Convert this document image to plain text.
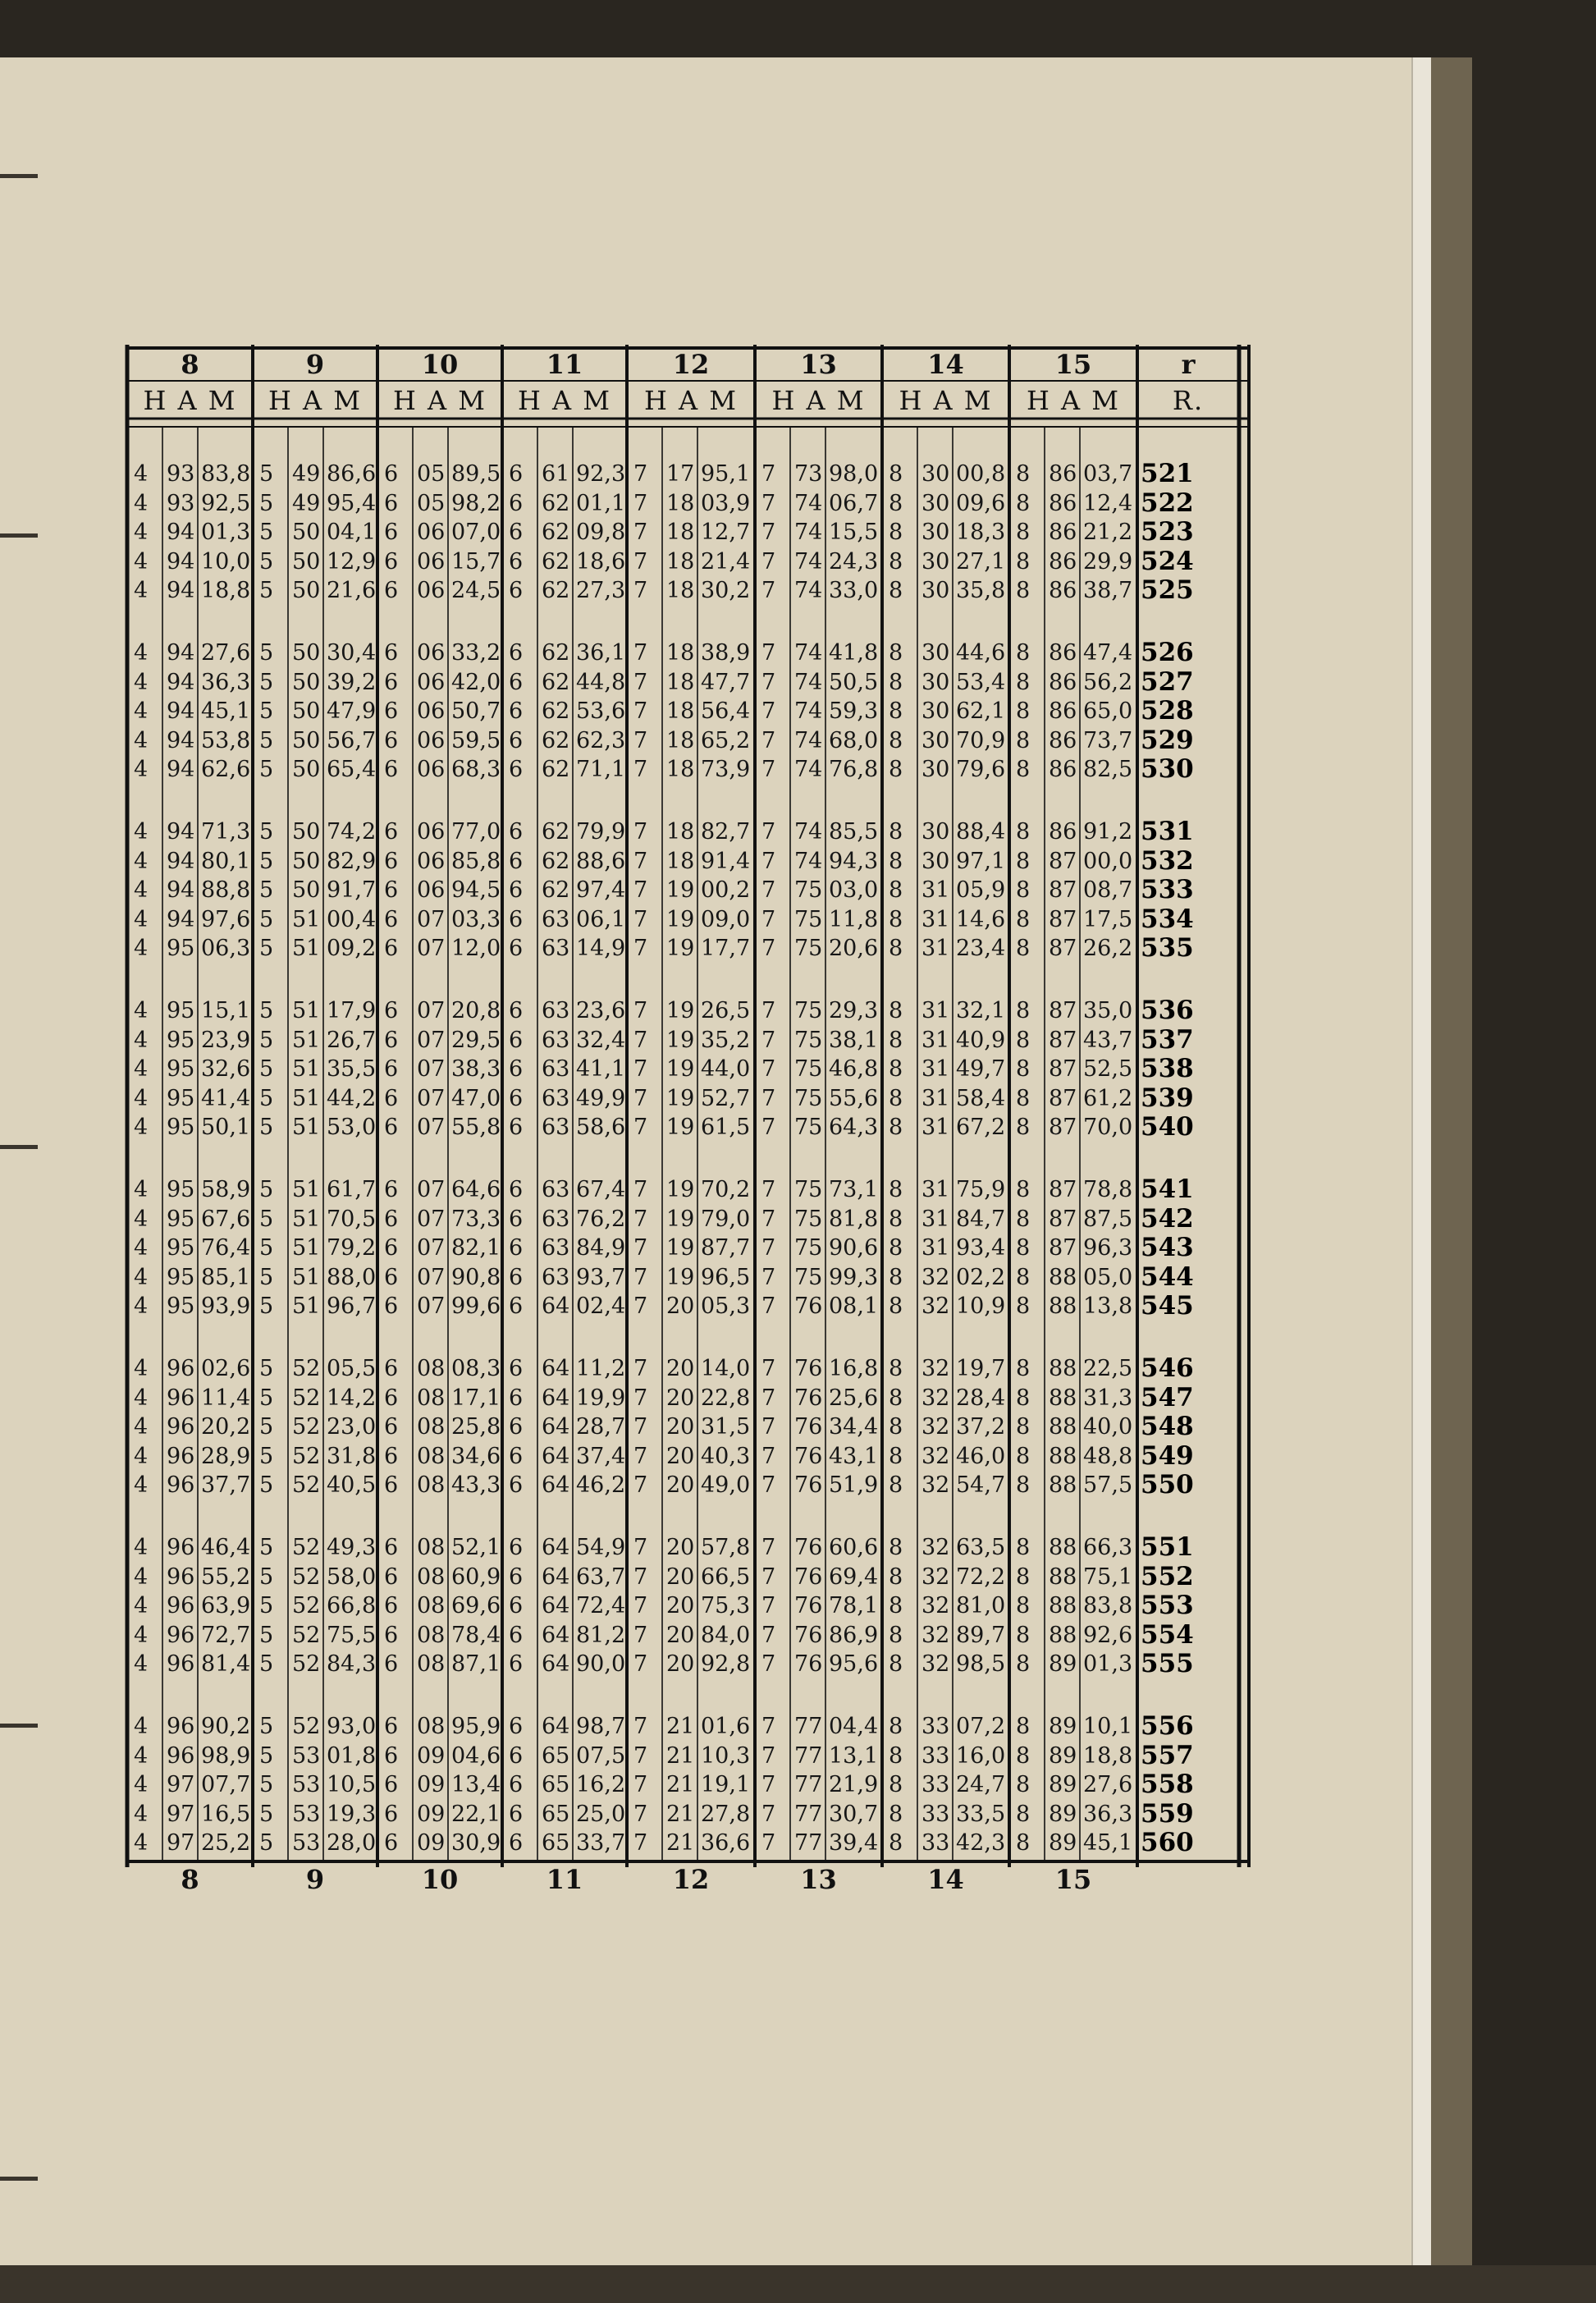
8	9	10	11	12	13	14	15	r
H A M	H A M	H A M	H A M	H A M	H A M	H A M	H A M	R.
4 93 83,8 5 49 86,6 6 05 89,5 6 61 92,3 7 17 95,1 7 73 98,0 8 30 00,8 8 86 03,7 521
4 93 92,5 5 49 95,4 6 05 98,2 6 62 01,1 7 18 03,9 7 74 06,7 8 30 09,6 8 86 12,4 522
4 94 01,3 5 50 04,1 6 06 07,0 6 62 09,8 7 18 12,7 7 74 15,5 8 30 18,3 8 86 21,2 523
4 94 10,0 5 50 12,9 6 06 15,7 6 62 18,6 7 18 21,4 7 74 24,3 8 30 27,1 8 86 29,9 524
4 94 18,8 5 50 21,6 6 06 24,5 6 62 27,3 7 18 30,2 7 74 33,0 8 30 35,8 8 86 38,7 525
4 94 27,6 5 50 30,4 6 06 33,2 6 62 36,1 7 18 38,9 7 74 41,8 8 30 44,6 8 86 47,4 526
4 94 36,3 5 50 39,2 6 06 42,0 6 62 44,8 7 18 47,7 7 74 50,5 8 30 53,4 8 86 56,2 527
4 94 45,1 5 50 47,9 6 06 50,7 6 62 53,6 7 18 56,4 7 74 59,3 8 30 62,1 8 86 65,0 528
4 94 53,8 5 50 56,7 6 06 59,5 6 62 62,3 7 18 65,2 7 74 68,0 8 30 70,9 8 86 73,7 529
4 94 62,6 5 50 65,4 6 06 68,3 6 62 71,1 7 18 73,9 7 74 76,8 8 30 79,6 8 86 82,5 530
4 94 71,3 5 50 74,2 6 06 77,0 6 62 79,9 7 18 82,7 7 74 85,5 8 30 88,4 8 86 91,2 531
4 94 80,1 5 50 82,9 6 06 85,8 6 62 88,6 7 18 91,4 7 74 94,3 8 30 97,1 8 87 00,0 532
4 94 88,8 5 50 91,7 6 06 94,5 6 62 97,4 7 19 00,2 7 75 03,0 8 31 05,9 8 87 08,7 533
4 94 97,6 5 51 00,4 6 07 03,3 6 63 06,1 7 19 09,0 7 75 11,8 8 31 14,6 8 87 17,5 534
4 95 06,3 5 51 09,2 6 07 12,0 6 63 14,9 7 19 17,7 7 75 20,6 8 31 23,4 8 87 26,2 535
4 95 15,1 5 51 17,9 6 07 20,8 6 63 23,6 7 19 26,5 7 75 29,3 8 31 32,1 8 87 35,0 536
4 95 23,9 5 51 26,7 6 07 29,5 6 63 32,4 7 19 35,2 7 75 38,1 8 31 40,9 8 87 43,7 537
4 95 32,6 5 51 35,5 6 07 38,3 6 63 41,1 7 19 44,0 7 75 46,8 8 31 49,7 8 87 52,5 538
4 95 41,4 5 51 44,2 6 07 47,0 6 63 49,9 7 19 52,7 7 75 55,6 8 31 58,4 8 87 61,2 539
4 95 50,1 5 51 53,0 6 07 55,8 6 63 58,6 7 19 61,5 7 75 64,3 8 31 67,2 8 87 70,0 540
4 95 58,9 5 51 61,7 6 07 64,6 6 63 67,4 7 19 70,2 7 75 73,1 8 31 75,9 8 87 78,8 541
4 95 67,6 5 51 70,5 6 07 73,3 6 63 76,2 7 19 79,0 7 75 81,8 8 31 84,7 8 87 87,5 542
4 95 76,4 5 51 79,2 6 07 82,1 6 63 84,9 7 19 87,7 7 75 90,6 8 31 93,4 8 87 96,3 543
4 95 85,1 5 51 88,0 6 07 90,8 6 63 93,7 7 19 96,5 7 75 99,3 8 32 02,2 8 88 05,0 544
4 95 93,9 5 51 96,7 6 07 99,6 6 64 02,4 7 20 05,3 7 76 08,1 8 32 10,9 8 88 13,8 545
4 96 02,6 5 52 05,5 6 08 08,3 6 64 11,2 7 20 14,0 7 76 16,8 8 32 19,7 8 88 22,5 546
4 96 11,4 5 52 14,2 6 08 17,1 6 64 19,9 7 20 22,8 7 76 25,6 8 32 28,4 8 88 31,3 547
4 96 20,2 5 52 23,0 6 08 25,8 6 64 28,7 7 20 31,5 7 76 34,4 8 32 37,2 8 88 40,0 548
4 96 28,9 5 52 31,8 6 08 34,6 6 64 37,4 7 20 40,3 7 76 43,1 8 32 46,0 8 88 48,8 549
4 96 37,7 5 52 40,5 6 08 43,3 6 64 46,2 7 20 49,0 7 76 51,9 8 32 54,7 8 88 57,5 550
4 96 46,4 5 52 49,3 6 08 52,1 6 64 54,9 7 20 57,8 7 76 60,6 8 32 63,5 8 88 66,3 551
4 96 55,2 5 52 58,0 6 08 60,9 6 64 63,7 7 20 66,5 7 76 69,4 8 32 72,2 8 88 75,1 552
4 96 63,9 5 52 66,8 6 08 69,6 6 64 72,4 7 20 75,3 7 76 78,1 8 32 81,0 8 88 83,8 553
4 96 72,7 5 52 75,5 6 08 78,4 6 64 81,2 7 20 84,0 7 76 86,9 8 32 89,7 8 88 92,6 554
4 96 81,4 5 52 84,3 6 08 87,1 6 64 90,0 7 20 92,8 7 76 95,6 8 32 98,5 8 89 01,3 555
4 96 90,2 5 52 93,0 6 08 95,9 6 64 98,7 7 21 01,6 7 77 04,4 8 33 07,2 8 89 10,1 556
4 96 98,9 5 53 01,8 6 09 04,6 6 65 07,5 7 21 10,3 7 77 13,1 8 33 16,0 8 89 18,8 557
4 97 07,7 5 53 10,5 6 09 13,4 6 65 16,2 7 21 19,1 7 77 21,9 8 33 24,7 8 89 27,6 558
4 97 16,5 5 53 19,3 6 09 22,1 6 65 25,0 7 21 27,8 7 77 30,7 8 33 33,5 8 89 36,3 559
4 97 25,2 5 53 28,0 6 09 30,9 6 65 33,7 7 21 36,6 7 77 39,4 8 33 42,3 8 89 45,1 560
8	9	10	11	12	13	14	15
